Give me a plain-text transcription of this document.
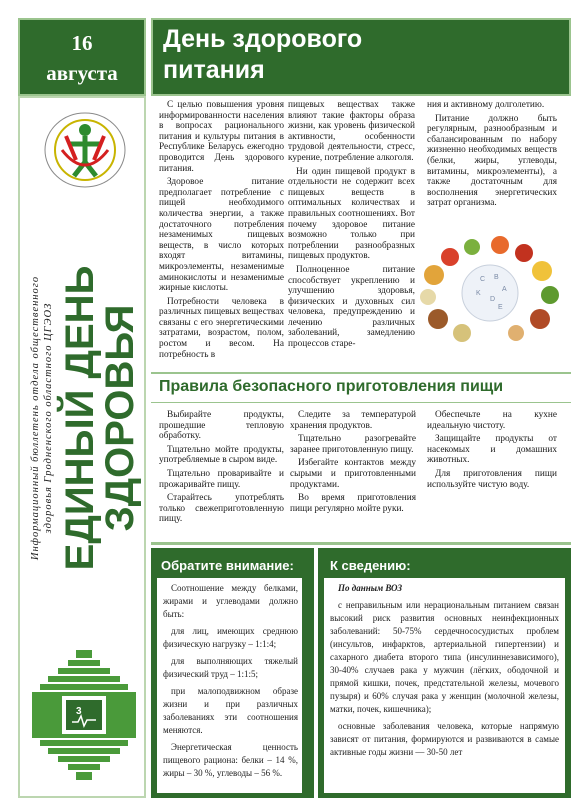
16
августа
Информационный бюллетень отдела общественного здоровья Гродненского областного ЦГЭОЗ ЕДИНЫЙ ДЕНЬ
ЗДОРОВЬЯ
3
День здорового
питания

С целью повышения уровня информированности населения в вопросах рационального питания и культуры питания в Республике Беларусь ежегодно проводится День здорового питания.

Здоровое питание предполагает потребление с пищей необходимого количества энергии, а также достаточного потребления незаменимых пищевых веществ, в число которых входят витамины, микроэлементы, незаменимые аминокислоты и незаменимые жирные кислоты.

Потребности человека в различных пищевых веществах связаны с его энергетическими затратами, возрастом, полом, ростом и весом. На потребность в

пищевых веществах также влияют такие факторы образа жизни, как уровень физической активности, особенности трудовой деятельности, стресс, курение, потребление алкоголя.

Ни один пищевой продукт в отдельности не содержит всех пищевых веществ в оптимальных количествах и правильных соотношениях. Вот почему здоровое питание возможно только при потреблении разнообразных пищевых продуктов.

Полноценное питание способствует укреплению и улучшению здоровья, физических и духовных сил человека, предупреждению и лечению различных заболеваний, замедлению процессов старе-

ния и активному долголетию.

Питание должно быть регулярным, разнообразным и сбалансированным по набору жизненно необходимых веществ (белки, жиры, углеводы, витамины, микроэлементы), а также достаточным для восполнения энергетических затрат организма.

C B
A
K
D
E
Правила безопасного приготовления пищи

Выбирайте продукты, прошедшие тепловую обработку.

Тщательно мойте продукты, употребляемые в сыром виде.

Тщательно проваривайте и прожаривайте пищу.

Старайтесь употреблять только свежеприготовленную пищу.

Следите за температурой хранения продуктов.

Тщательно разогревайте заранее приготовленную пищу.

Избегайте контактов между сырыми и приготовленными продуктами.

Во время приготовления пищи регулярно мойте руки.

Обеспечьте на кухне идеальную чистоту.

Защищайте продукты от насекомых и домашних животных.

Для приготовления пищи используйте чистую воду.

Обратите внимание:

Соотношение между белками, жирами и углеводами должно быть:

для лиц, имеющих среднюю физическую нагрузку – 1:1:4;

для выполняющих тяжелый физический труд – 1:1:5;

при малоподвижном образе жизни и при различных заболеваниях эти соотношения меняются.

Энергетическая ценность пищевого рациона: белки – 14 %, жиры – 30 %, углеводы – 56 %.

К сведению:

По данным ВОЗ

с неправильным или нерациональным питанием связан высокий риск развития основных неинфекционных заболеваний: 50-75% сердечнососудистых проблем (инсультов, инфарктов, артериальной гипертензии) и сахарного диабета второго типа (инсулиннезависимого), 30-40% случаев рака у мужчин (лёгких, ободочной и прямой кишки, почек, предстательной железы, мочевого пузыря) и 60% случая рака у женщин (молочной железы, матки, почек, кишечника);

основные заболевания человека, которые напрямую зависят от питания, формируются и развиваются в самые активные годы жизни — 30-50 лет
